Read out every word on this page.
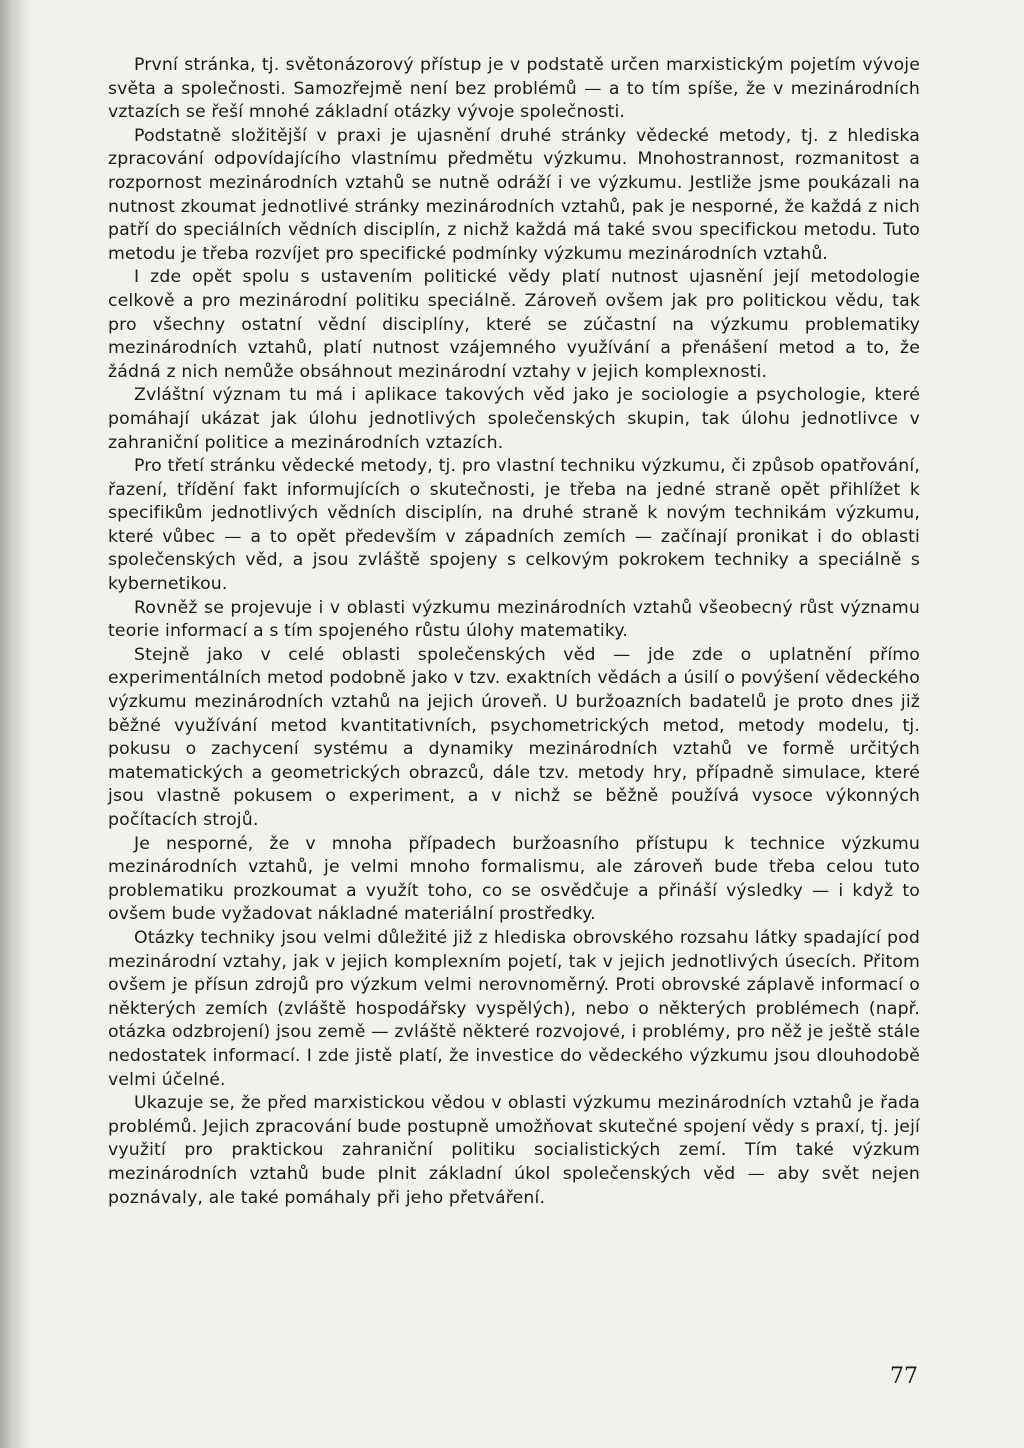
První stránka, tj. světonázorový přístup je v podstatě určen marxistickým pojetím vývoje světa a společnosti. Samozřejmě není bez problémů — a to tím spíše, že v mezinárodních vztazích se řeší mnohé základní otázky vývoje společnosti.

Podstatně složitější v praxi je ujasnění druhé stránky vědecké metody, tj. z hlediska zpracování odpovídajícího vlastnímu předmětu výzkumu. Mnohostrannost, rozmanitost a rozpornost mezinárodních vztahů se nutně odráží i ve výzkumu. Jestliže jsme poukázali na nutnost zkoumat jednotlivé stránky mezinárodních vztahů, pak je nesporné, že každá z nich patří do speciálních vědních disciplín, z nichž každá má také svou specifickou metodu. Tuto metodu je třeba rozvíjet pro specifické podmínky výzkumu mezinárodních vztahů.

I zde opět spolu s ustavením politické vědy platí nutnost ujasnění její metodologie celkově a pro mezinárodní politiku speciálně. Zároveň ovšem jak pro politickou vědu, tak pro všechny ostatní vědní disciplíny, které se zúčastní na výzkumu problematiky mezinárodních vztahů, platí nutnost vzájemného využívání a přenášení metod a to, že žádná z nich nemůže obsáhnout mezinárodní vztahy v jejich komplexnosti.

Zvláštní význam tu má i aplikace takových věd jako je sociologie a psychologie, které pomáhají ukázat jak úlohu jednotlivých společenských skupin, tak úlohu jednotlivce v zahraniční politice a mezinárodních vztazích.

Pro třetí stránku vědecké metody, tj. pro vlastní techniku výzkumu, či způsob opatřování, řazení, třídění fakt informujících o skutečnosti, je třeba na jedné straně opět přihlížet k specifikům jednotlivých vědních disciplín, na druhé straně k novým technikám výzkumu, které vůbec — a to opět především v západních zemích — začínají pronikat i do oblasti společenských věd, a jsou zvláště spojeny s celkovým pokrokem techniky a speciálně s kybernetikou.

Rovněž se projevuje i v oblasti výzkumu mezinárodních vztahů všeobecný růst významu teorie informací a s tím spojeného růstu úlohy matematiky.

Stejně jako v celé oblasti společenských věd — jde zde o uplatnění přímo experimentálních metod podobně jako v tzv. exaktních vědách a úsilí o povýšení vědeckého výzkumu mezinárodních vztahů na jejich úroveň. U buržoazních badatelů je proto dnes již běžné využívání metod kvantitativních, psychometrických metod, metody modelu, tj. pokusu o zachycení systému a dynamiky mezinárodních vztahů ve formě určitých matematických a geometrických obrazců, dále tzv. metody hry, případně simulace, které jsou vlastně pokusem o experiment, a v nichž se běžně používá vysoce výkonných počítacích strojů.

Je nesporné, že v mnoha případech buržoasního přístupu k technice výzkumu mezinárodních vztahů, je velmi mnoho formalismu, ale zároveň bude třeba celou tuto problematiku prozkoumat a využít toho, co se osvědčuje a přináší výsledky — i když to ovšem bude vyžadovat nákladné materiální prostředky.

Otázky techniky jsou velmi důležité již z hlediska obrovského rozsahu látky spadající pod mezinárodní vztahy, jak v jejich komplexním pojetí, tak v jejich jednotlivých úsecích. Přitom ovšem je přísun zdrojů pro výzkum velmi nerovnoměrný. Proti obrovské záplavě informací o některých zemích (zvláště hospodářsky vyspělých), nebo o některých problémech (např. otázka odzbrojení) jsou země — zvláště některé rozvojové, i problémy, pro něž je ještě stále nedostatek informací. I zde jistě platí, že investice do vědeckého výzkumu jsou dlouhodobě velmi účelné.

Ukazuje se, že před marxistickou vědou v oblasti výzkumu mezinárodních vztahů je řada problémů. Jejich zpracování bude postupně umožňovat skutečné spojení vědy s praxí, tj. její využití pro praktickou zahraniční politiku socialistických zemí. Tím také výzkum mezinárodních vztahů bude plnit základní úkol společenských věd — aby svět nejen poznávaly, ale také pomáhaly při jeho přetváření.

77
